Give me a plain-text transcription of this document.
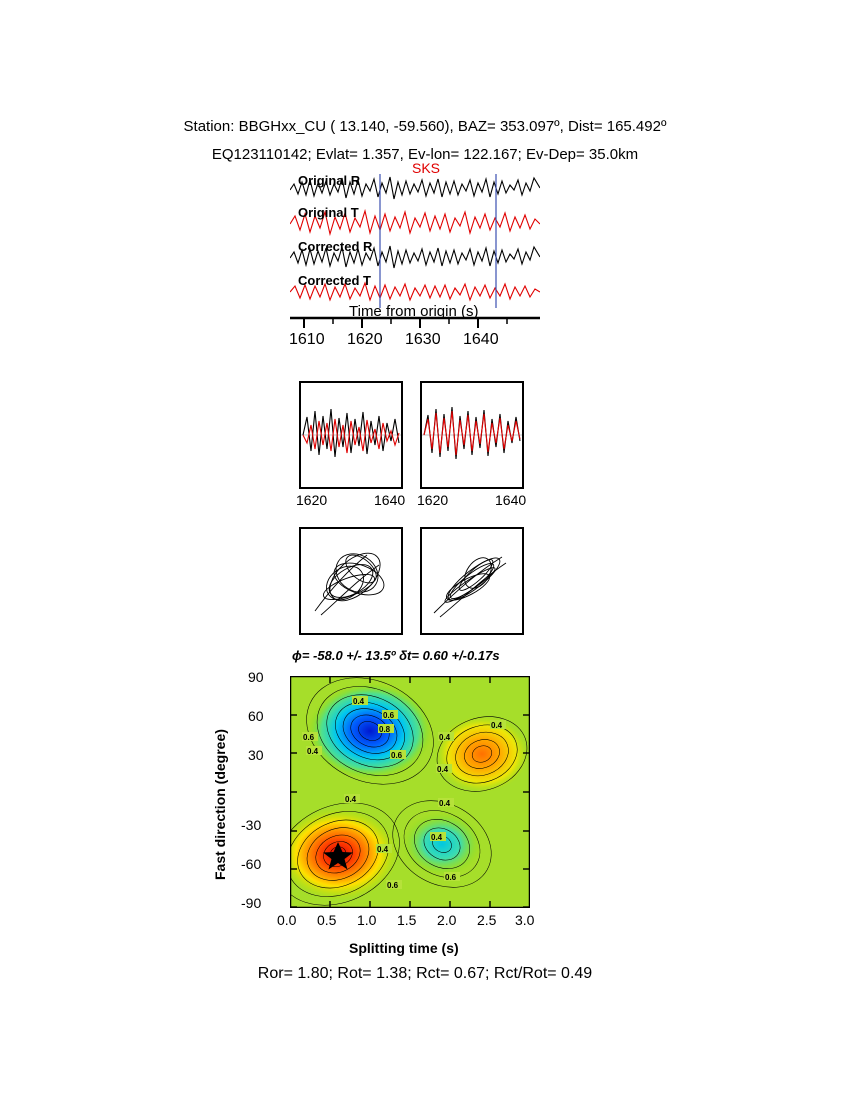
Station: BBGHxx_CU ( 13.140, -59.560), BAZ= 353.097º, Dist= 165.492º
EQ123110142; Evlat= 1.357, Ev-lon= 122.167; Ev-Dep= 35.0km
Original R
Original T
Corrected R
Corrected T
SKS
Time from origin (s)
1610 1620 1630 1640
1620	1640 1620	1640
ϕ= -58.0 +/- 13.5º δt= 0.60 +/-0.17s
Fast direction (degree)
90
60
30
-30
-60
-90
0.4
0.6
0.8
0.6
0.4	0.6
0.4
0.4
0.4
0.4	0.4
0.4
0.4
0.6
0.6
0.0 0.5 1.0 1.5 2.0 2.5 3.0
Splitting time (s)
Ror= 1.80; Rot= 1.38; Rct= 0.67; Rct/Rot= 0.49
